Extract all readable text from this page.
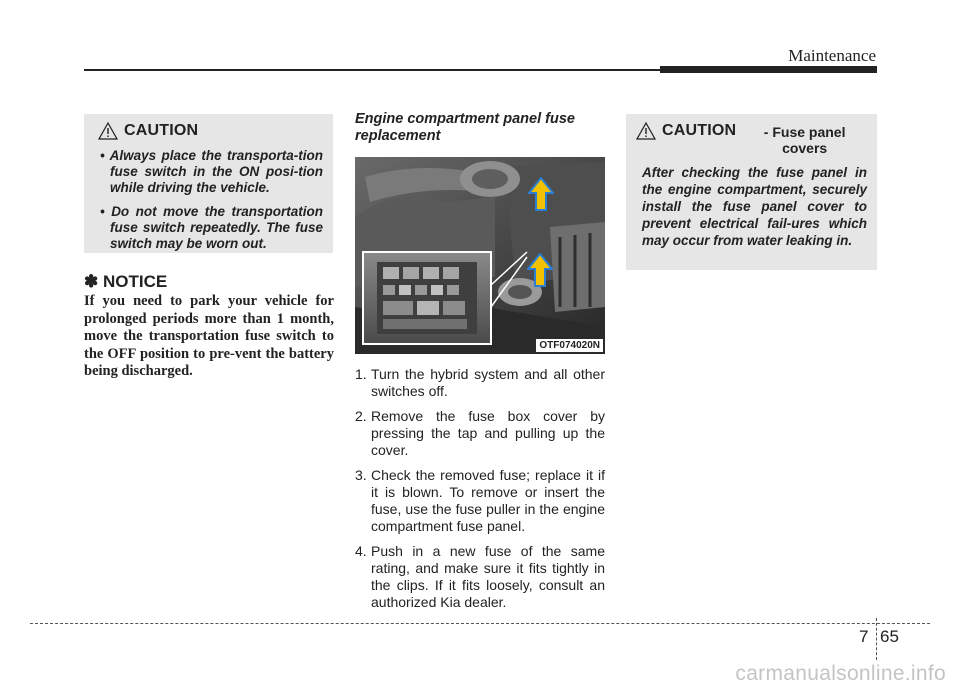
Maintenance
CAUTION
• Always place the transporta-tion fuse switch in the ON posi-tion while driving the vehicle.
• Do not move the transportation fuse switch repeatedly. The fuse switch may be worn out.
✽ NOTICE
If you need to park your vehicle for prolonged periods more than 1 month, move the transportation fuse switch to the OFF position to pre-vent the battery being discharged.
Engine compartment panel fuse replacement
OTF074020N
1. Turn the hybrid system and all other switches off.
2. Remove the fuse box cover by pressing the tap and pulling up the cover.
3. Check the removed fuse; replace it if it is blown. To remove or insert the fuse, use the fuse puller in the engine compartment fuse panel.
4. Push in a new fuse of the same rating, and make sure it fits tightly in the clips. If it fits loosely, consult an authorized Kia dealer.
CAUTION	- Fuse panel covers
After checking the fuse panel in the engine compartment, securely install the fuse panel cover to prevent electrical fail-ures which may occur from water leaking in.
7 65
carmanualsonline.info
